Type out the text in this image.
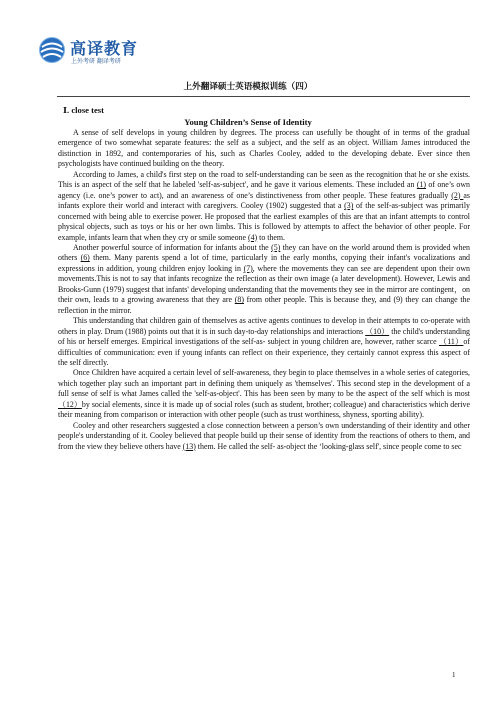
高译教育
上外考研 翻译考研
上外翻译硕士英语模拟训练（四）
Ⅰ. close test
Young Children’s Sense of Identity

A sense of self develops in young children by degrees. The process can usefully be thought of in terms of the gradual emergence of two somewhat separate features: the self as a subject, and the self as an object. William James introduced the distinction in 1892, and contemporaries of his, such as Charles Cooley, added to the developing debate. Ever since then psychologists have continued building on the theory.

According to James, a child's first step on the road to self-understanding can be seen as the recognition that he or she exists. This is an aspect of the self that he labeled 'self-as-subject', and he gave it various elements. These included an (1) of one’s own agency (i.e. one’s power to act), and an awareness of one’s distinctiveness from other people. These features gradually (2) as infants explore their world and interact with caregivers. Cooley (1902) suggested that a (3) of the self-as-subject was primarily concerned with being able to exercise power. He proposed that the earliest examples of this are that an infant attempts to control physical objects, such as toys or his or her own limbs. This is followed by attempts to affect the behavior of other people. For example, infants learn that when they cry or smile someone (4) to them.

Another powerful source of information for infants about the (5) they can have on the world around them is provided when others (6) them. Many parents spend a lot of time, particularly in the early months, copying their infant's vocalizations and expressions in addition, young children enjoy looking in (7), where the movements they can see are dependent upon their own movements.This is not to say that infants recognize the reflection as their own image (a later development). However, Lewis and Brooks-Gunn (1979) suggest that infants' developing understanding that the movements they see in the mirror are contingent，on their own, leads to a growing awareness that they are (8) from other people. This is because they, and (9) they can change the reflection in the mirror.

This understanding that children gain of themselves as active agents continues to develop in their attempts to co-operate with others in play. Drum (1988) points out that it is in such day-to-day relationships and interactions （10） the child's understanding of his or herself emerges. Empirical investigations of the self-as- subject in young children are, however, rather scarce （11）of difficulties of communication: even if young infants can reflect on their experience, they certainly cannot express this aspect of the self directly.

Once Children have acquired a certain level of self-awareness, they begin to place themselves in a whole series of categories, which together play such an important part in defining them uniquely as 'themselves'. This second step in the development of a full sense of self is what James called the 'self-as-object'. This has been seen by many to be the aspect of the self which is most （12）by social elements, since it is made up of social roles (such as student, brother; colleague) and characteristics which derive their meaning from comparison or interaction with other people (such as trust worthiness, shyness, sporting ability).

Cooley and other researchers suggested a close connection between a person’s own understanding of their identity and other people's understanding of it. Cooley believed that people build up their sense of identity from the reactions of others to them, and from the view they believe others have (13) them. He called the self- as-object the ‘looking-glass self', since people come to sec

1
